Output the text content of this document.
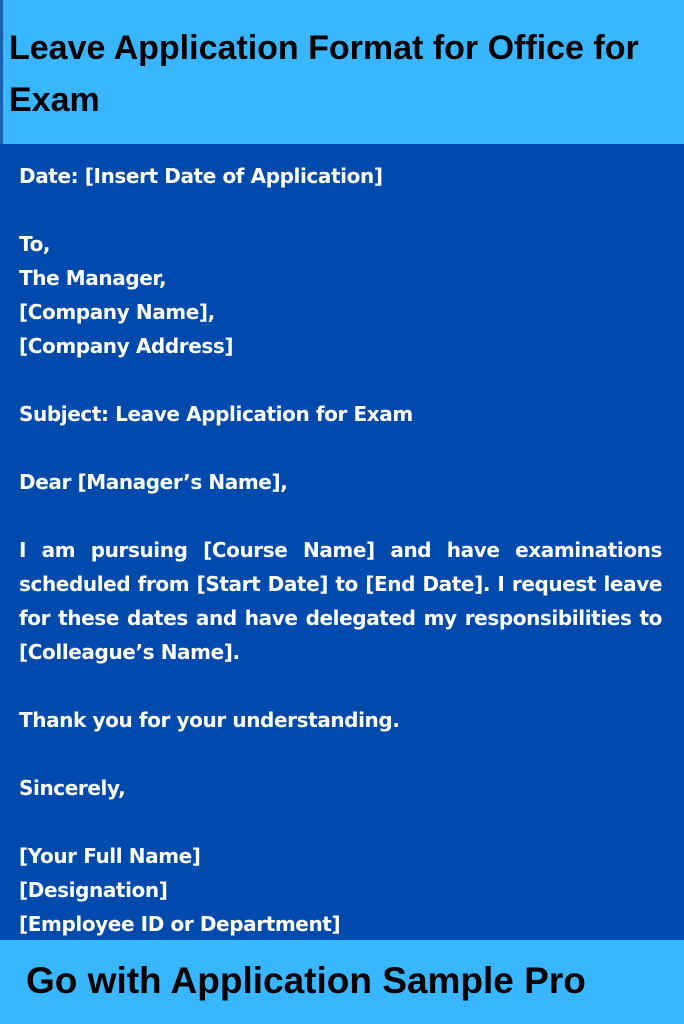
Leave Application Format for Office for Exam
Date: [Insert Date of Application]
To,
The Manager,
[Company Name],
[Company Address]
Subject: Leave Application for Exam
Dear [Manager’s Name],
I am pursuing [Course Name] and have examinations scheduled from [Start Date] to [End Date]. I request leave for these dates and have delegated my responsibilities to [Colleague’s Name].
Thank you for your understanding.
Sincerely,
[Your Full Name]
[Designation]
[Employee ID or Department]

Go with Application Sample Pro
